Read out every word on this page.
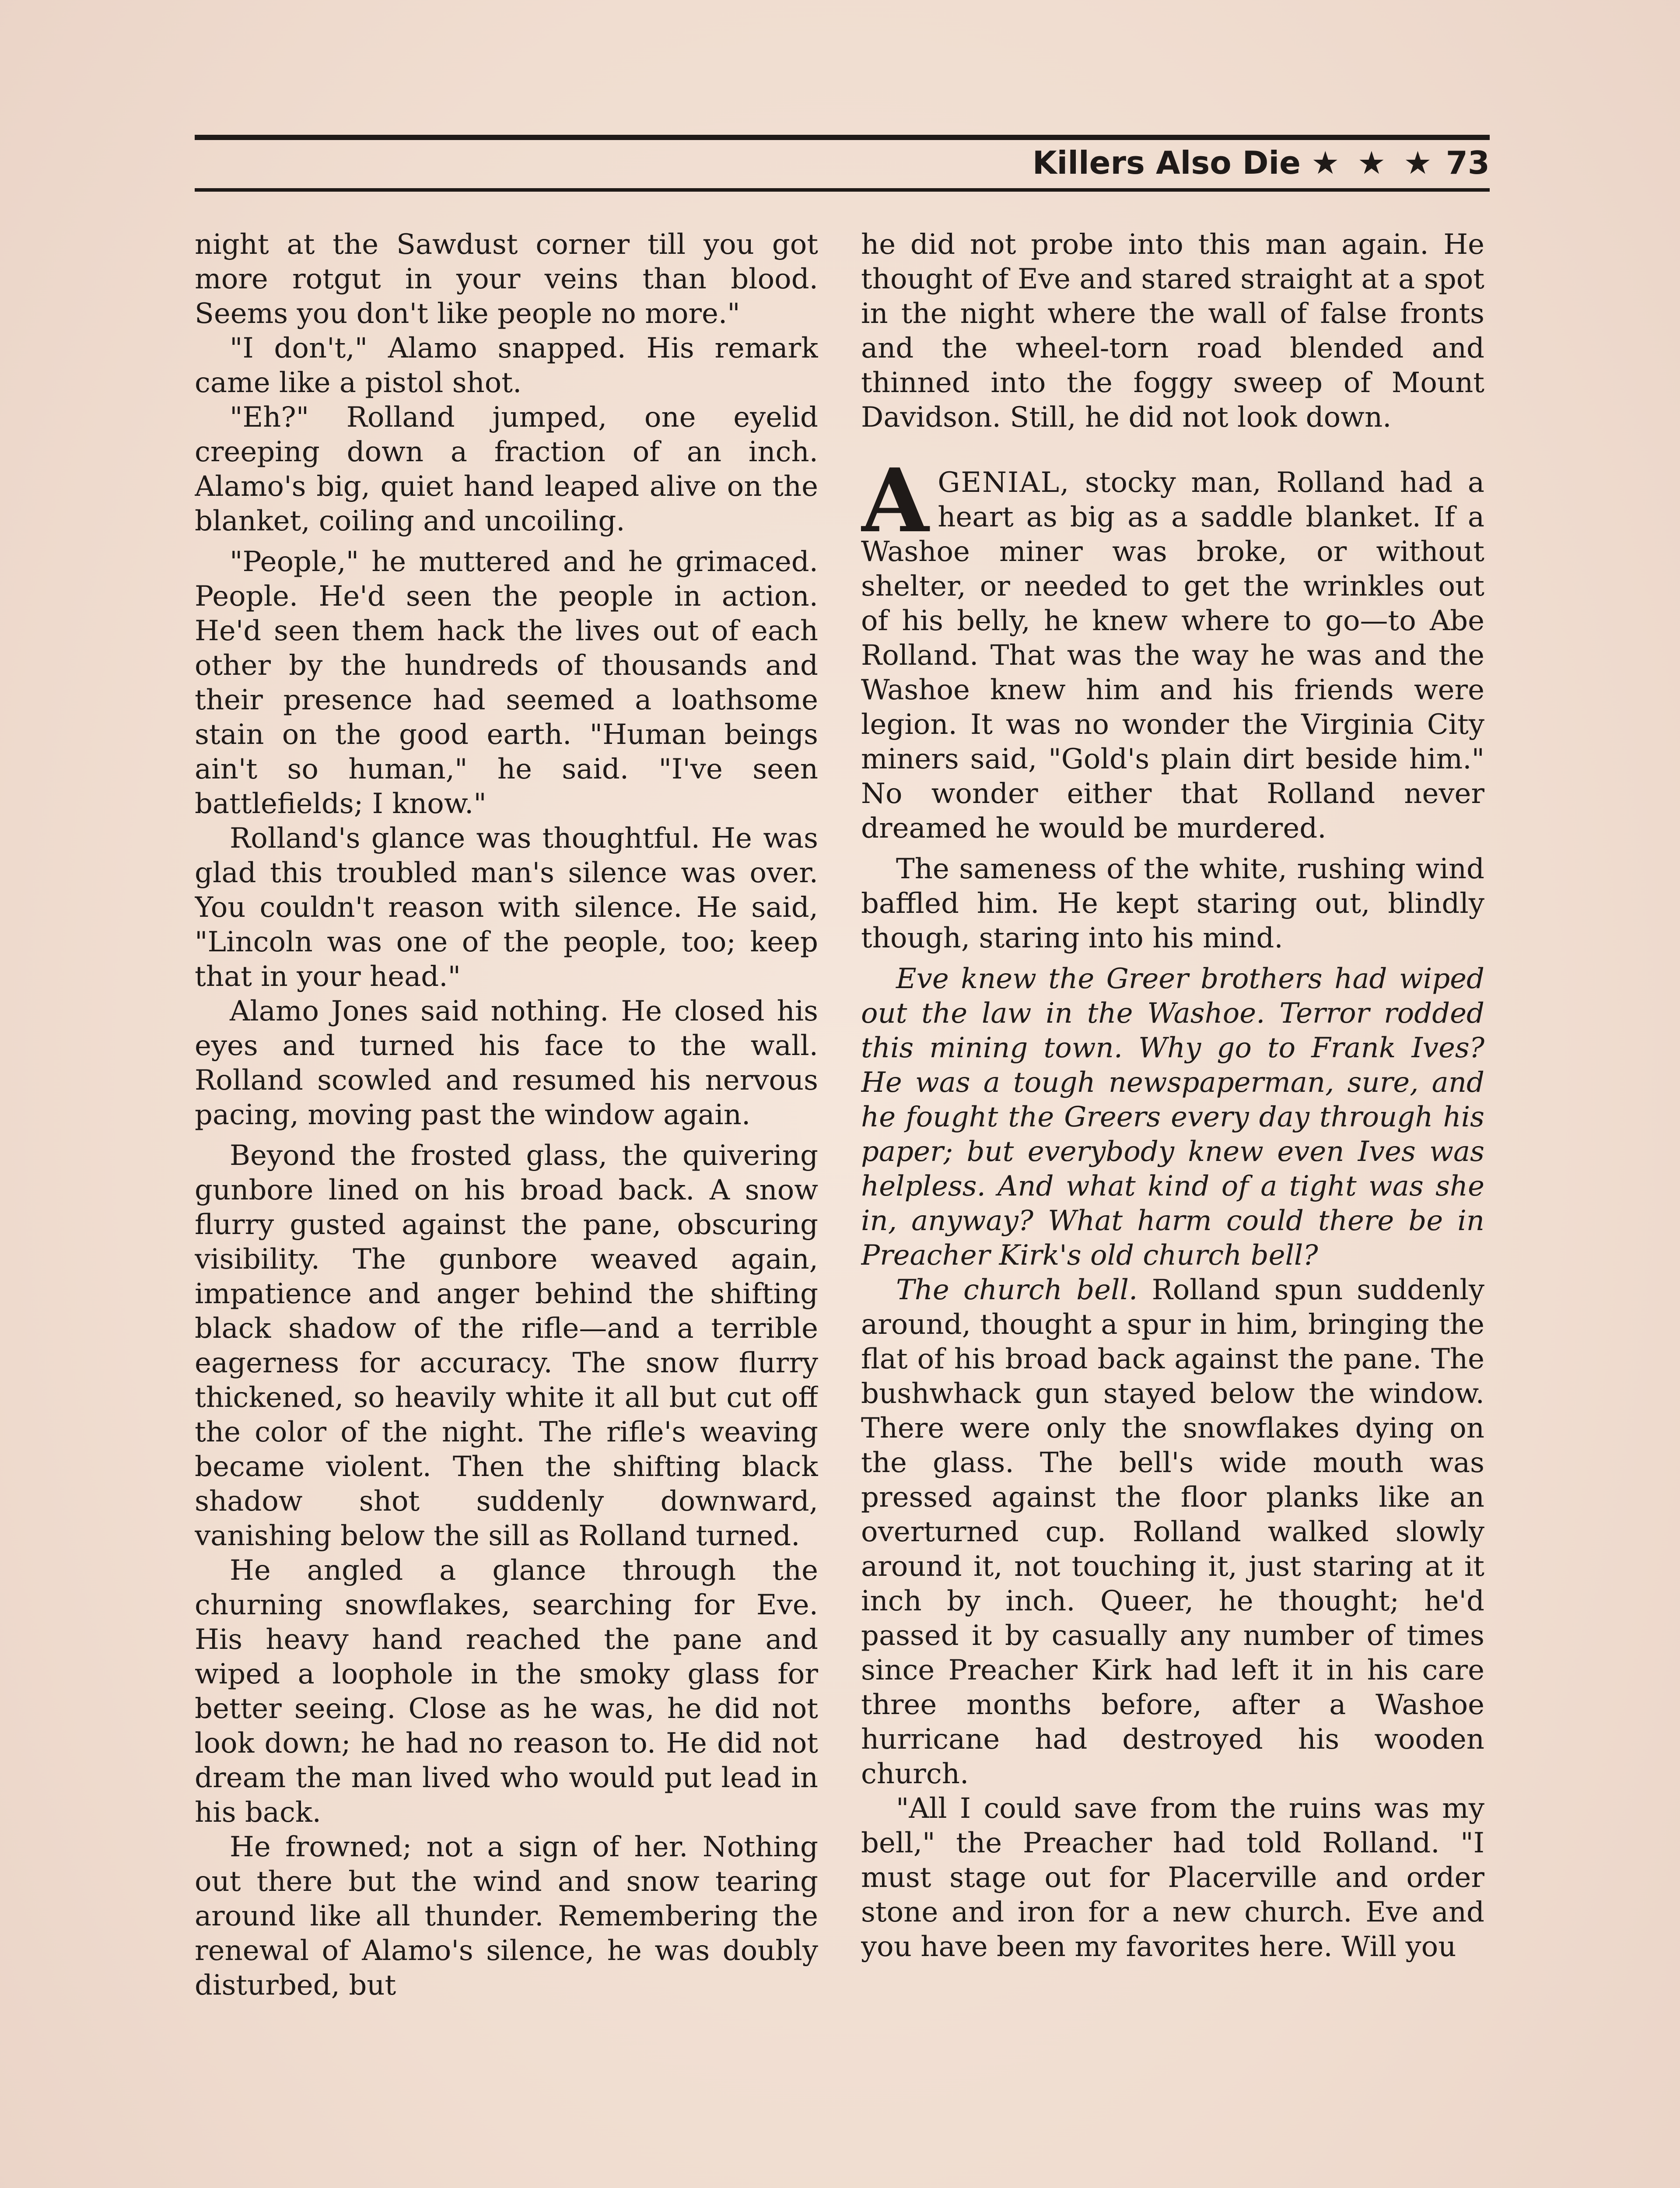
Killers Also Die ★ ★ ★ 73

night at the Sawdust corner till you got more rotgut in your veins than blood. Seems you don't like people no more."

"I don't," Alamo snapped. His remark came like a pistol shot.

"Eh?" Rolland jumped, one eyelid creeping down a fraction of an inch. Alamo's big, quiet hand leaped alive on the blanket, coiling and uncoiling.

"People," he muttered and he grimaced. People. He'd seen the people in action. He'd seen them hack the lives out of each other by the hundreds of thousands and their presence had seemed a loathsome stain on the good earth. "Human beings ain't so human," he said. "I've seen battlefields; I know."

Rolland's glance was thoughtful. He was glad this troubled man's silence was over. You couldn't reason with silence. He said, "Lincoln was one of the people, too; keep that in your head."

Alamo Jones said nothing. He closed his eyes and turned his face to the wall. Rolland scowled and resumed his nervous pacing, moving past the window again.

Beyond the frosted glass, the quivering gunbore lined on his broad back. A snow flurry gusted against the pane, obscuring visibility. The gunbore weaved again, impatience and anger behind the shifting black shadow of the rifle—and a terrible eagerness for accuracy. The snow flurry thickened, so heavily white it all but cut off the color of the night. The rifle's weaving became violent. Then the shifting black shadow shot suddenly downward, vanishing below the sill as Rolland turned.

He angled a glance through the churning snowflakes, searching for Eve. His heavy hand reached the pane and wiped a loophole in the smoky glass for better seeing. Close as he was, he did not look down; he had no reason to. He did not dream the man lived who would put lead in his back.

He frowned; not a sign of her. Nothing out there but the wind and snow tearing around like all thunder. Remembering the renewal of Alamo's silence, he was doubly disturbed, but

he did not probe into this man again. He thought of Eve and stared straight at a spot in the night where the wall of false fronts and the wheel-torn road blended and thinned into the foggy sweep of Mount Davidson. Still, he did not look down.

AGENIAL, stocky man, Rolland had a heart as big as a saddle blanket. If a Washoe miner was broke, or without shelter, or needed to get the wrinkles out of his belly, he knew where to go—to Abe Rolland. That was the way he was and the Washoe knew him and his friends were legion. It was no wonder the Virginia City miners said, "Gold's plain dirt beside him." No wonder either that Rolland never dreamed he would be murdered.

The sameness of the white, rushing wind baffled him. He kept staring out, blindly though, staring into his mind.

Eve knew the Greer brothers had wiped out the law in the Washoe. Terror rodded this mining town. Why go to Frank Ives? He was a tough newspaperman, sure, and he fought the Greers every day through his paper; but everybody knew even Ives was helpless. And what kind of a tight was she in, anyway? What harm could there be in Preacher Kirk's old church bell?

The church bell. Rolland spun suddenly around, thought a spur in him, bringing the flat of his broad back against the pane. The bushwhack gun stayed below the window. There were only the snowflakes dying on the glass. The bell's wide mouth was pressed against the floor planks like an overturned cup. Rolland walked slowly around it, not touching it, just staring at it inch by inch. Queer, he thought; he'd passed it by casually any number of times since Preacher Kirk had left it in his care three months before, after a Washoe hurricane had destroyed his wooden church.

"All I could save from the ruins was my bell," the Preacher had told Rolland. "I must stage out for Placerville and order stone and iron for a new church. Eve and you have been my favorites here. Will you
